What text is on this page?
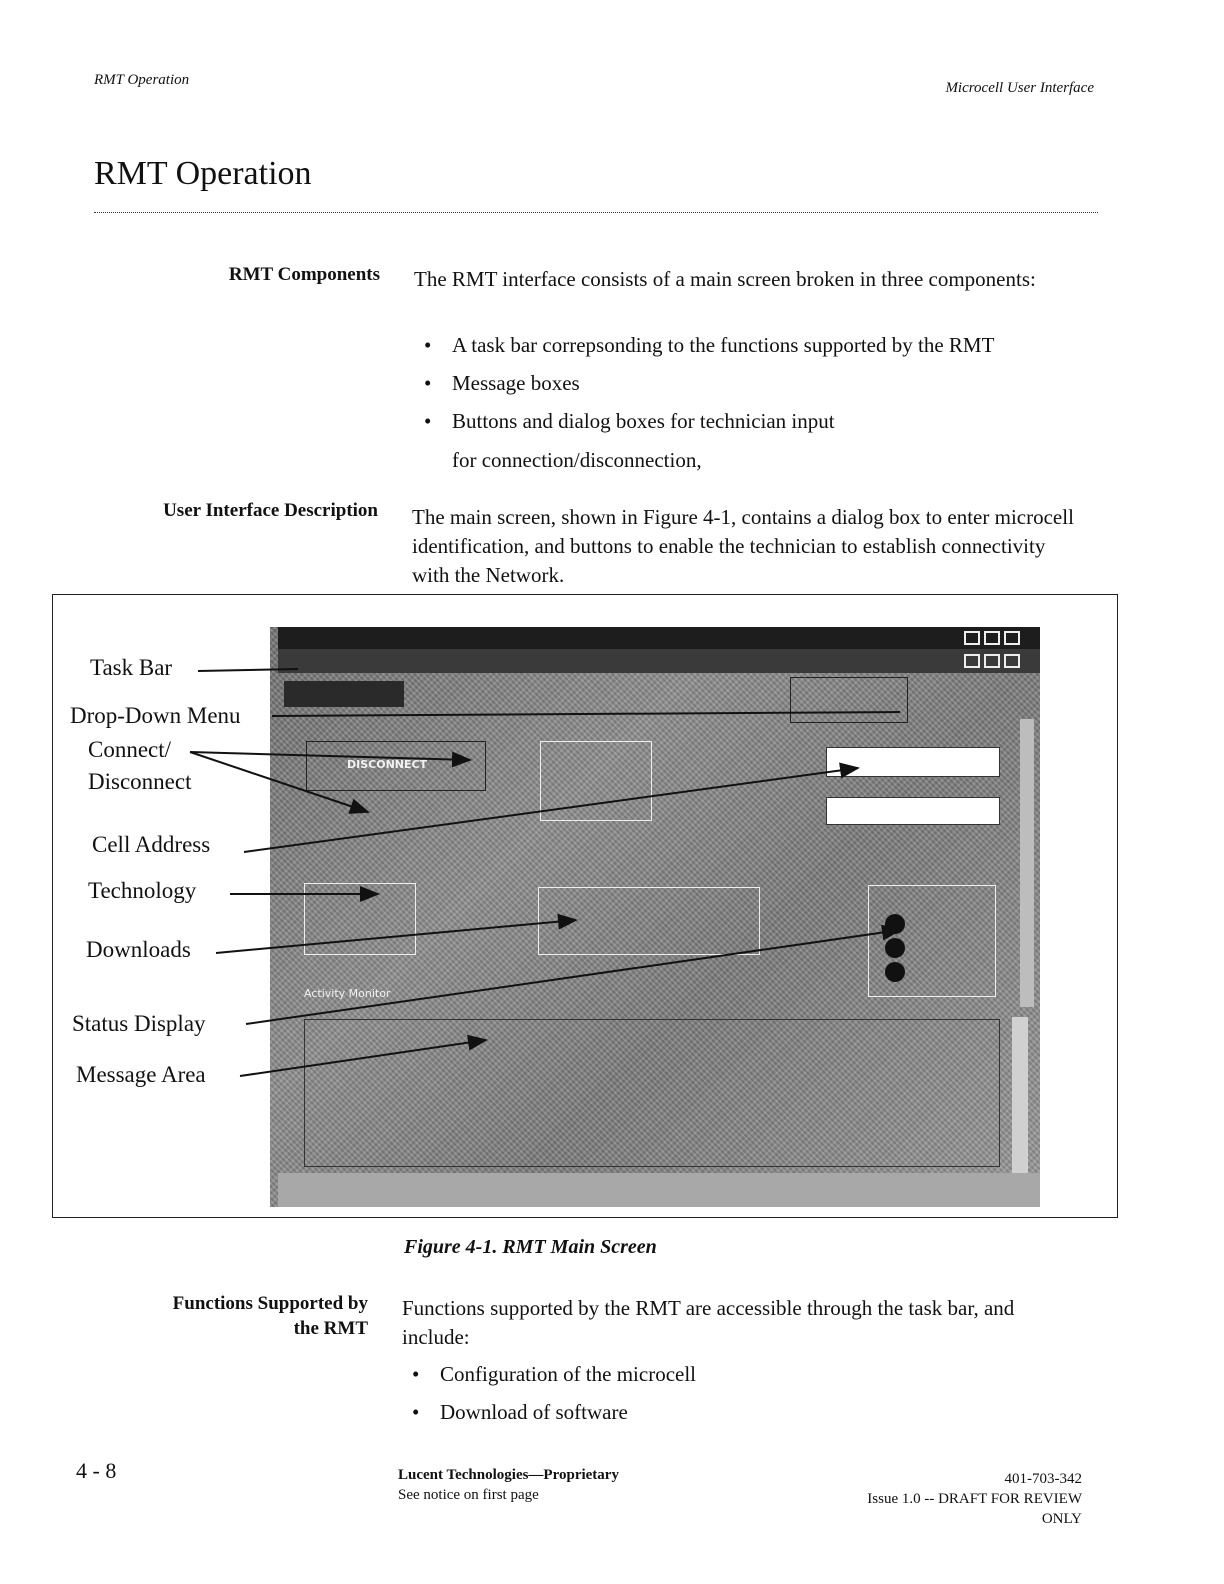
RMT Operation	Microcell User Interface
RMT Operation
RMT Components The RMT interface consists of a main screen broken in three components:
• A task bar correpsonding to the functions supported by the RMT
• Message boxes
• Buttons and dialog boxes for technician input
for connection/disconnection,
User Interface Description The main screen, shown in Figure 4-1, contains a dialog box to enter microcell identification, and buttons to enable the technician to establish connectivity with the Network.
DISCONNECT
Activity Monitor
Task Bar
Drop-Down Menu
Connect/
Disconnect
Cell Address
Technology
Downloads
Status Display
Message Area
Figure 4-1. RMT Main Screen
Functions Supported by
the RMT
Functions supported by the RMT are accessible through the task bar, and include:
• Configuration of the microcell
• Download of software
4 - 8	Lucent Technologies—Proprietary
See notice on first page
401-703-342
Issue 1.0 -- DRAFT FOR REVIEW
ONLY
